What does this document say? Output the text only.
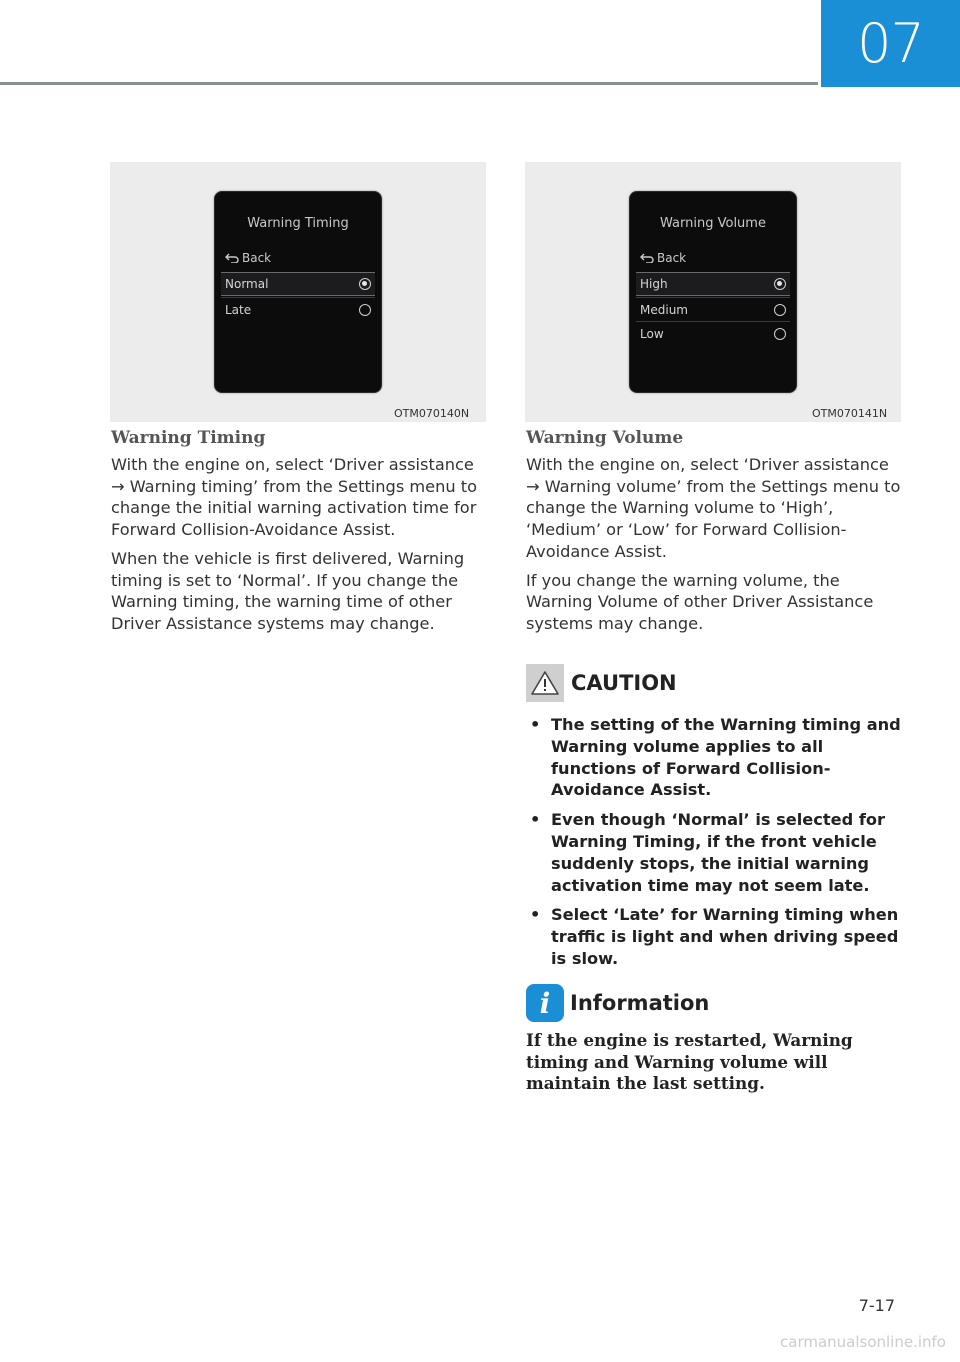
07
Warning Timing
Back
Normal
Late
OTM070140N
Warning Volume
Back
High
Medium
Low
OTM070141N
Warning Timing

With the engine on, select ‘Driver assistance → Warning timing’ from the Settings menu to change the initial warning activation time for Forward Collision-Avoidance Assist.

When the vehicle is first delivered, Warning timing is set to ‘Normal’. If you change the Warning timing, the warning time of other Driver Assistance systems may change.

Warning Volume

With the engine on, select ‘Driver assistance → Warning volume’ from the Settings menu to change the Warning volume to ‘High’, ‘Medium’ or ‘Low’ for Forward Collision-Avoidance Assist.

If you change the warning volume, the Warning Volume of other Driver Assistance systems may change.

CAUTION
• The setting of the Warning timing and Warning volume applies to all functions of Forward Collision-Avoidance Assist.
• Even though ‘Normal’ is selected for Warning Timing, if the front vehicle suddenly stops, the initial warning activation time may not seem late.
• Select ‘Late’ for Warning timing when traffic is light and when driving speed is slow.
i Information

If the engine is restarted, Warning timing and Warning volume will maintain the last setting.

7-17
carmanualsonline.info
